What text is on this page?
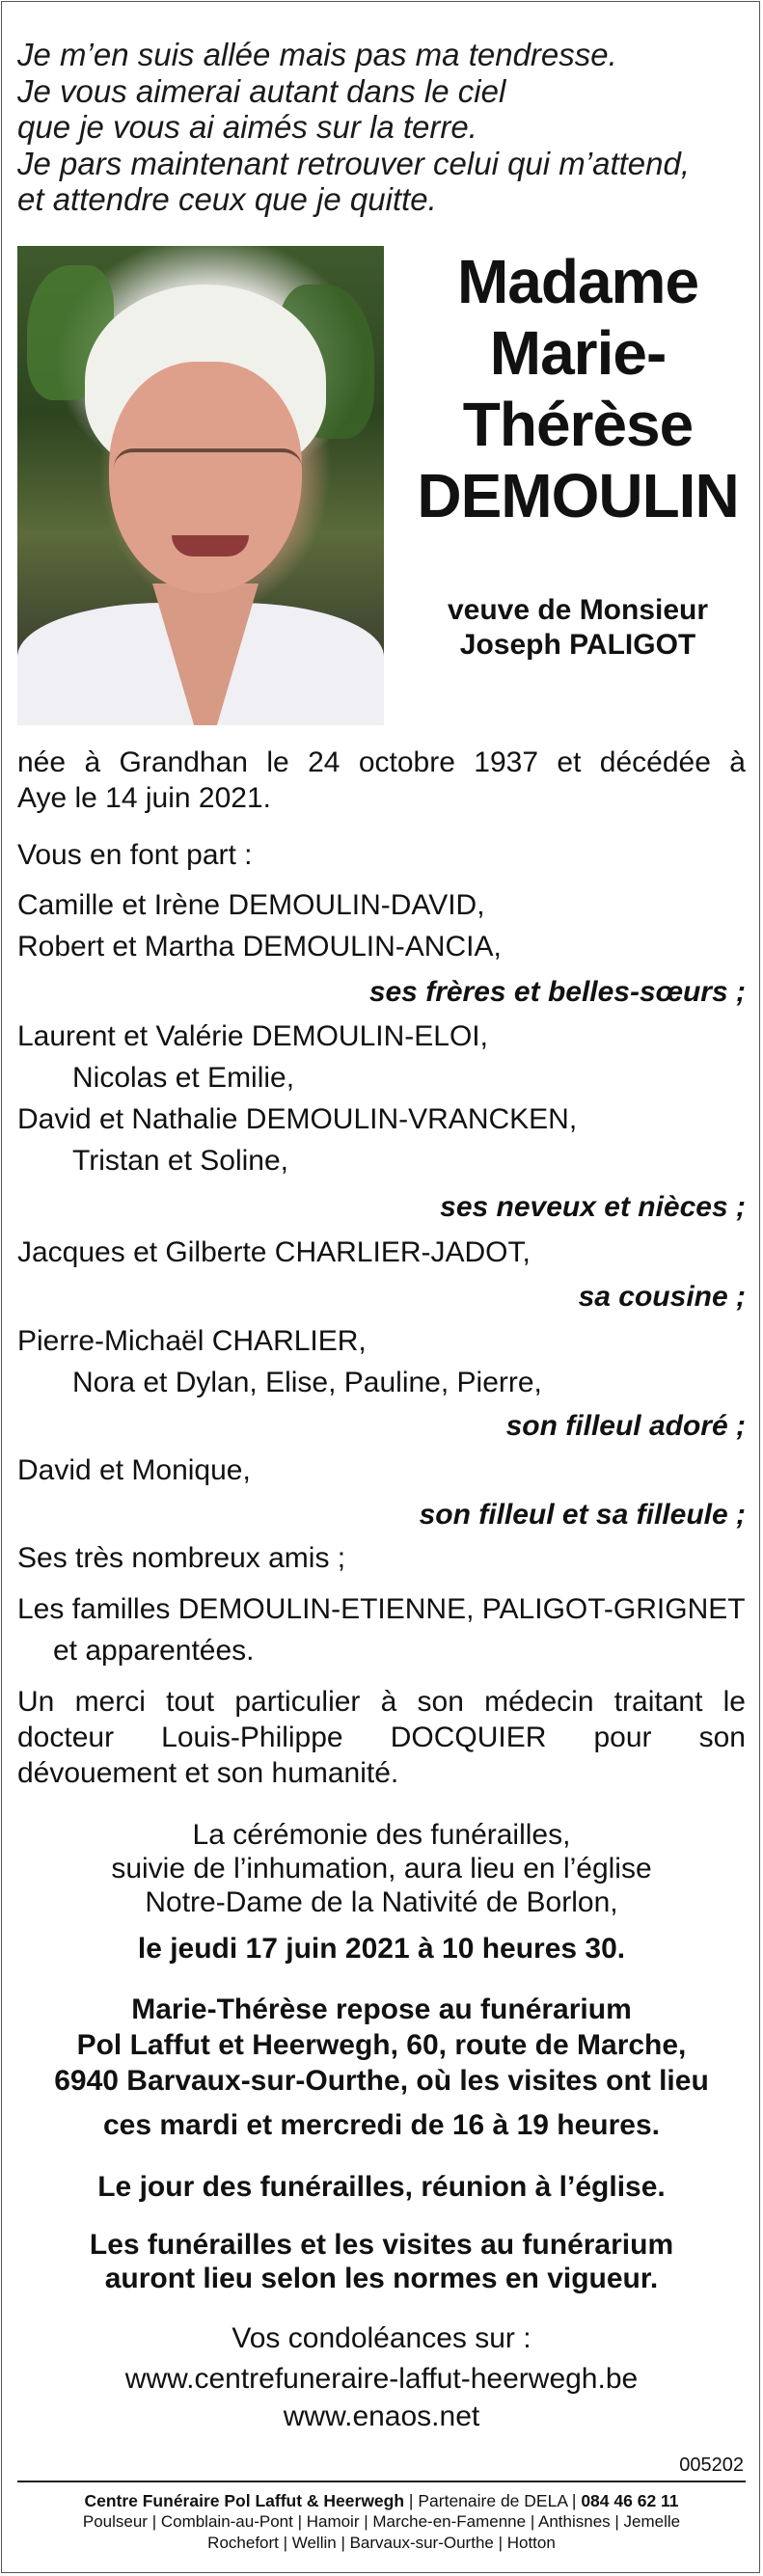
Je m’en suis allée mais pas ma tendresse.
Je vous aimerai autant dans le ciel
que je vous ai aimés sur la terre.
Je pars maintenant retrouver celui qui m’attend,
et attendre ceux que je quitte.
Madame
Marie-
Thérèse
DEMOULIN
veuve de Monsieur
Joseph PALIGOT
née à Grandhan le 24 octobre 1937 et décédée à
Aye le 14 juin 2021.
Vous en font part :
Camille et Irène DEMOULIN-DAVID,
Robert et Martha DEMOULIN-ANCIA,
ses frères et belles-sœurs ;
Laurent et Valérie DEMOULIN-ELOI,
Nicolas et Emilie,
David et Nathalie DEMOULIN-VRANCKEN,
Tristan et Soline,
ses neveux et nièces ;
Jacques et Gilberte CHARLIER-JADOT,
sa cousine ;
Pierre-Michaël CHARLIER,
Nora et Dylan, Elise, Pauline, Pierre,
son filleul adoré ;
David et Monique,
son filleul et sa filleule ;
Ses très nombreux amis ;
Les familles DEMOULIN-ETIENNE, PALIGOT-GRIGNET
et apparentées.
Un merci tout particulier à son médecin traitant le
docteur Louis-Philippe DOCQUIER pour son
dévouement et son humanité.
La cérémonie des funérailles,
suivie de l’inhumation, aura lieu en l’église
Notre-Dame de la Nativité de Borlon,
le jeudi 17 juin 2021 à 10 heures 30.
Marie-Thérèse repose au funérarium
Pol Laffut et Heerwegh, 60, route de Marche,
6940 Barvaux-sur-Ourthe, où les visites ont lieu
ces mardi et mercredi de 16 à 19 heures.
Le jour des funérailles, réunion à l’église.
Les funérailles et les visites au funérarium
auront lieu selon les normes en vigueur.
Vos condoléances sur :
www.centrefuneraire-laffut-heerwegh.be
www.enaos.net
005202
Centre Funéraire Pol Laffut & Heerwegh | Partenaire de DELA | 084 46 62 11
Poulseur | Comblain-au-Pont | Hamoir | Marche-en-Famenne | Anthisnes | Jemelle
Rochefort | Wellin | Barvaux-sur-Ourthe | Hotton
